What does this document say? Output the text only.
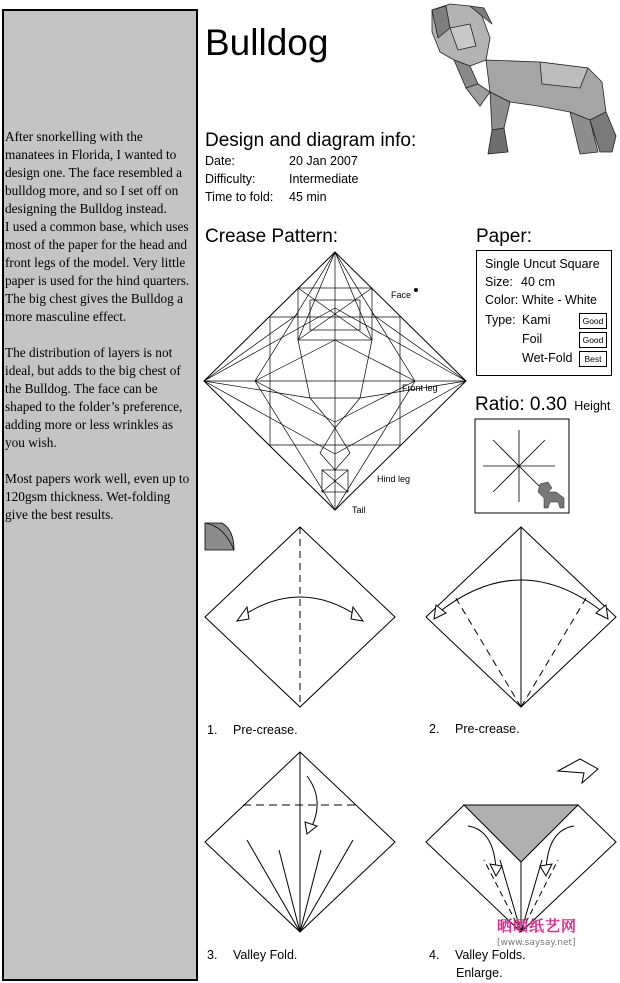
After snorkelling with the manatees in Florida, I wanted to design one. The face resembled a bulldog more, and so I set off on designing the Bulldog instead.
I used a common base, which uses most of the paper for the head and front legs of the model. Very little paper is used for the hind quarters. The big chest gives the Bulldog a more masculine effect.

The distribution of layers is not ideal, but adds to the big chest of the Bulldog. The face can be shaped to the folder’s preference, adding more or less wrinkles as you wish.

Most papers work well, even up to 120gsm thickness. Wet-folding give the best results.

Bulldog
Design and diagram info:
Date:	20 Jan 2007
Difficulty:	Intermediate
Time to fold:	45 min
Crease Pattern:
Face
Front leg
Hind leg
Tail
Paper:
Single Uncut Square
Size: 40 cm
Color: White - White
Type: Kami	Good
Foil	Good
Wet-Fold	Best
Ratio: 0.30 Height
1. Pre-crease.	2. Pre-crease.
3. Valley Fold.	4. Valley Folds.
Enlarge.
晒晒纸艺网
[www.saysay.net]
